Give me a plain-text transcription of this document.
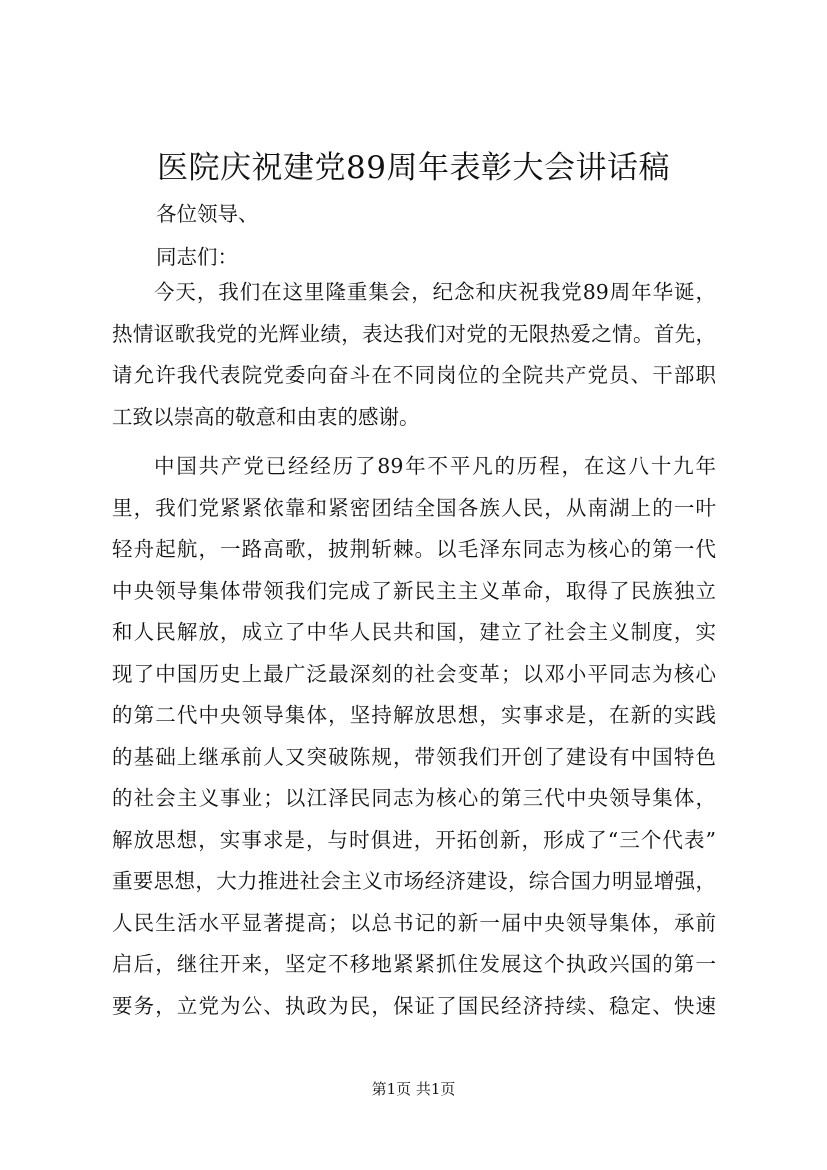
医院庆祝建党89周年表彰大会讲话稿
各位领导、
同志们：
今天，我们在这里隆重集会，纪念和庆祝我党89周年华诞，
热情讴歌我党的光辉业绩，表达我们对党的无限热爱之情。首先，
请允许我代表院党委向奋斗在不同岗位的全院共产党员、干部职
工致以崇高的敬意和由衷的感谢。
中国共产党已经经历了89年不平凡的历程，在这八十九年
里，我们党紧紧依靠和紧密团结全国各族人民，从南湖上的一叶
轻舟起航，一路高歌，披荆斩棘。以毛泽东同志为核心的第一代
中央领导集体带领我们完成了新民主主义革命，取得了民族独立
和人民解放，成立了中华人民共和国，建立了社会主义制度，实
现了中国历史上最广泛最深刻的社会变革；以邓小平同志为核心
的第二代中央领导集体，坚持解放思想，实事求是，在新的实践
的基础上继承前人又突破陈规，带领我们开创了建设有中国特色
的社会主义事业；以江泽民同志为核心的第三代中央领导集体，
解放思想，实事求是，与时俱进，开拓创新，形成了“三个代表”
重要思想，大力推进社会主义市场经济建设，综合国力明显增强，
人民生活水平显著提高；以总书记的新一届中央领导集体，承前
启后，继往开来，坚定不移地紧紧抓住发展这个执政兴国的第一
要务，立党为公、执政为民，保证了国民经济持续、稳定、快速
第1页 共1页
